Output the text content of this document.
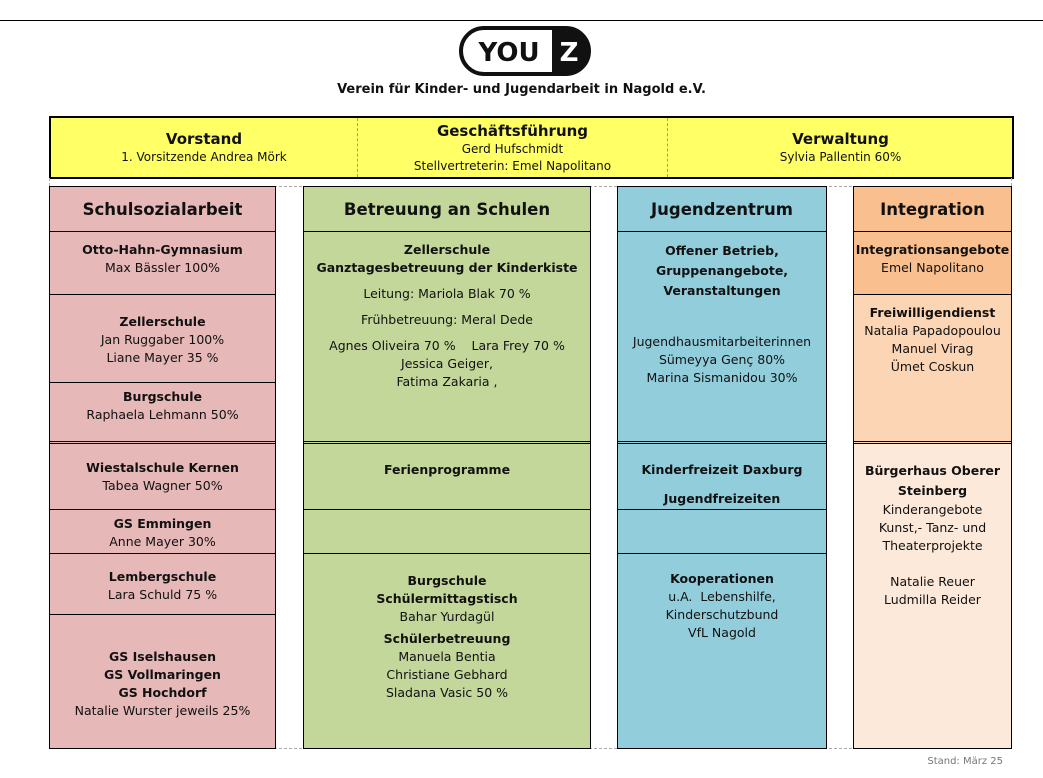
YOU Z
Verein für Kinder- und Jugendarbeit in Nagold e.V.
Vorstand
1. Vorsitzende Andrea Mörk
Geschäftsführung
Gerd Hufschmidt
Stellvertreterin: Emel Napolitano
Verwaltung
Sylvia Pallentin 60%
Schulsozialarbeit
Otto-Hahn-Gymnasium
Max Bässler 100%
Zellerschule
Jan Ruggaber 100%
Liane Mayer 35 %
Burgschule
Raphaela Lehmann 50%
Wiestalschule Kernen
Tabea Wagner 50%
GS Emmingen
Anne Mayer 30%
Lembergschule
Lara Schuld 75 %
GS Iselshausen
GS Vollmaringen
GS Hochdorf
Natalie Wurster jeweils 25%
Betreuung an Schulen
Zellerschule
Ganztagesbetreuung der Kinderkiste
Leitung: Mariola Blak 70 %
Frühbetreuung: Meral Dede
Agnes Oliveira 70 %    Lara Frey 70 %
Jessica Geiger,
Fatima Zakaria ,
Ferienprogramme
Burgschule
Schülermittagstisch
Bahar Yurdagül
Schülerbetreuung
Manuela Bentia
Christiane Gebhard
Sladana Vasic 50 %
Jugendzentrum
Offener Betrieb,
Gruppenangebote,
Veranstaltungen
Jugendhausmitarbeiterinnen
Sümeyya Genç 80%
Marina Sismanidou 30%
Kinderfreizeit Daxburg
Jugendfreizeiten
Kooperationen
u.A.  Lebenshilfe,
Kinderschutzbund
VfL Nagold
Integration
Integrationsangebote
Emel Napolitano
Freiwilligendienst
Natalia Papadopoulou
Manuel Virag
Ümet Coskun
Bürgerhaus Oberer
Steinberg
Kinderangebote
Kunst,- Tanz- und
Theaterprojekte
Natalie Reuer
Ludmilla Reider
Stand: März 25
